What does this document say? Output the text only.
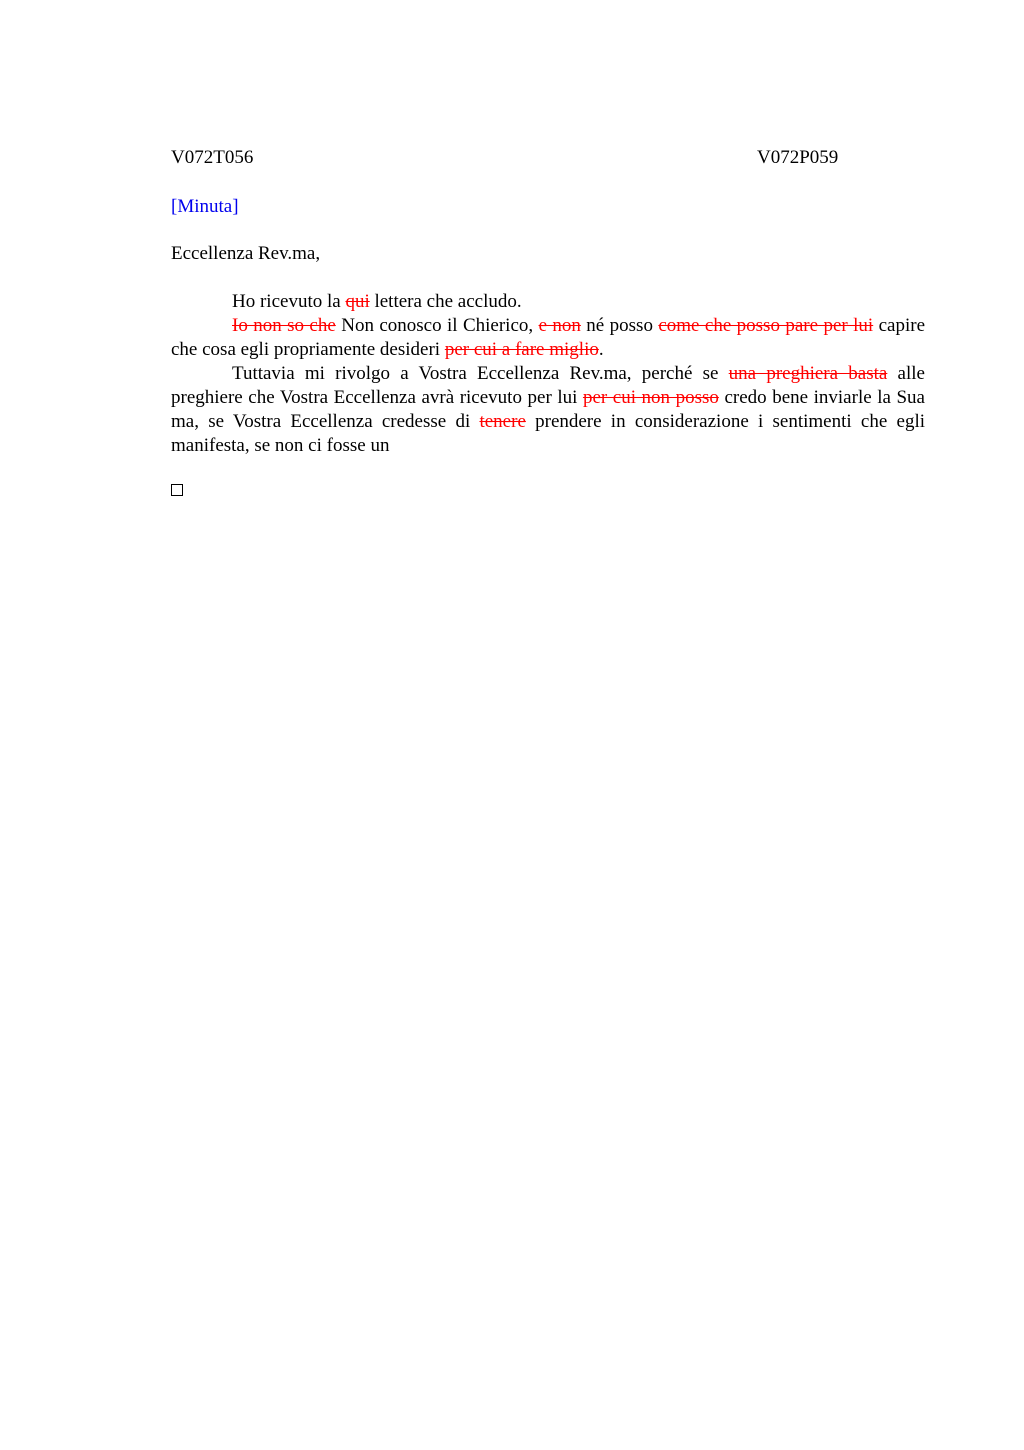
V072T056	V072P059
[Minuta]
Eccellenza Rev.ma,

Ho ricevuto la qui lettera che accludo.

Io non so che Non conosco il Chierico, e non né posso come che posso pare per lui capire che cosa egli propriamente desideri per cui a fare miglio.

Tuttavia mi rivolgo a Vostra Eccellenza Rev.ma, perché se una preghiera basta alle preghiere che Vostra Eccellenza avrà ricevuto per lui per cui non posso credo bene inviarle la Sua ma, se Vostra Eccellenza credesse di tenere prendere in considerazione i sentimenti che egli manifesta, se non ci fosse un
